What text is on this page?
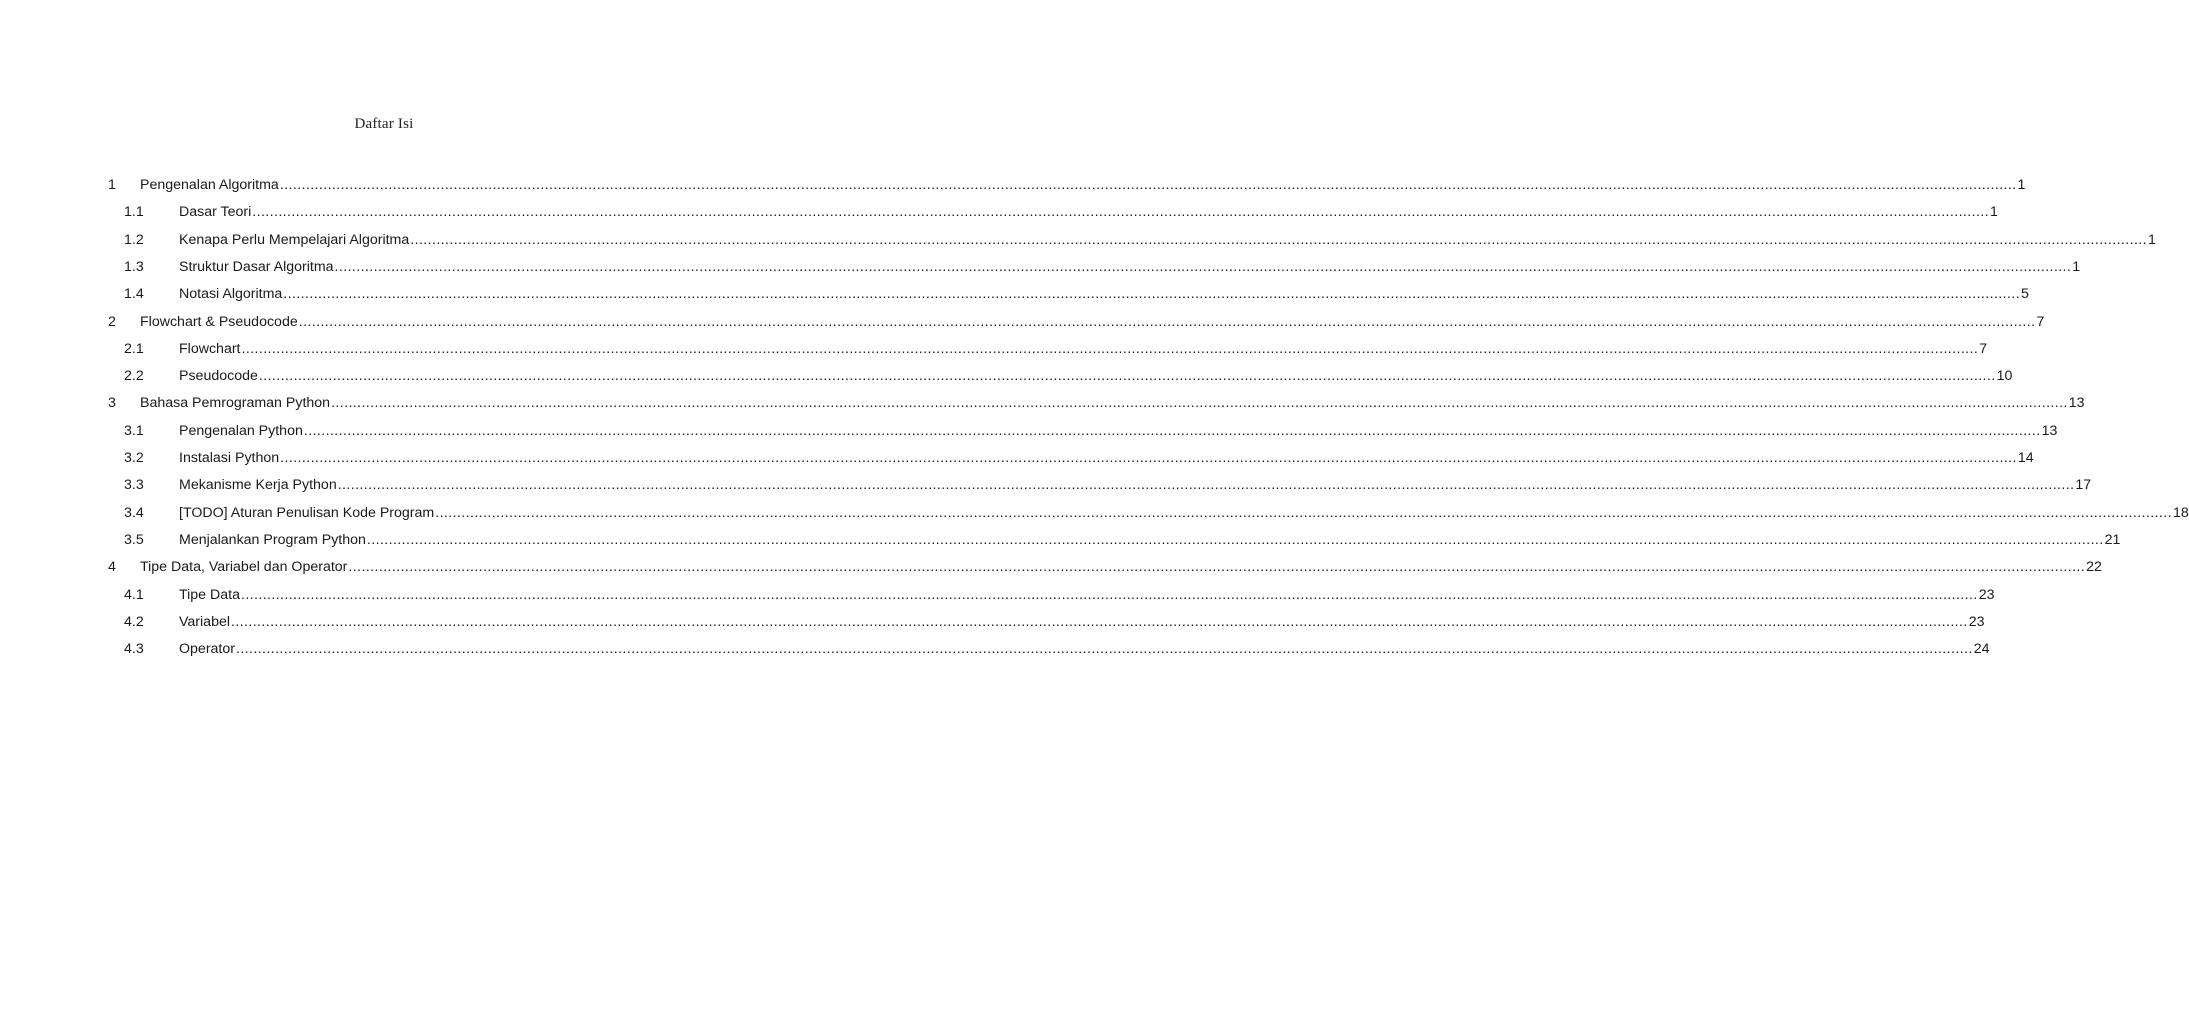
Daftar Isi
1 Pengenalan Algoritma ................................................................................................................................................................................................................................................................................................................................................................................................................ 1
1.1 Dasar Teori ................................................................................................................................................................................................................................................................................................................................................................................................................ 1
1.2 Kenapa Perlu Mempelajari Algoritma ................................................................................................................................................................................................................................................................................................................................................................................................................ 1
1.3 Struktur Dasar Algoritma ................................................................................................................................................................................................................................................................................................................................................................................................................ 1
1.4 Notasi Algoritma ................................................................................................................................................................................................................................................................................................................................................................................................................ 5
2 Flowchart & Pseudocode ................................................................................................................................................................................................................................................................................................................................................................................................................ 7
2.1 Flowchart ................................................................................................................................................................................................................................................................................................................................................................................................................ 7
2.2 Pseudocode ................................................................................................................................................................................................................................................................................................................................................................................................................ 10
3 Bahasa Pemrograman Python ................................................................................................................................................................................................................................................................................................................................................................................................................ 13
3.1 Pengenalan Python ................................................................................................................................................................................................................................................................................................................................................................................................................ 13
3.2 Instalasi Python ................................................................................................................................................................................................................................................................................................................................................................................................................ 14
3.3 Mekanisme Kerja Python ................................................................................................................................................................................................................................................................................................................................................................................................................ 17
3.4 [TODO] Aturan Penulisan Kode Program ................................................................................................................................................................................................................................................................................................................................................................................................................ 18
3.5 Menjalankan Program Python ................................................................................................................................................................................................................................................................................................................................................................................................................ 21
4 Tipe Data, Variabel dan Operator ................................................................................................................................................................................................................................................................................................................................................................................................................ 22
4.1 Tipe Data ................................................................................................................................................................................................................................................................................................................................................................................................................ 23
4.2 Variabel ................................................................................................................................................................................................................................................................................................................................................................................................................ 23
4.3 Operator ................................................................................................................................................................................................................................................................................................................................................................................................................ 24
